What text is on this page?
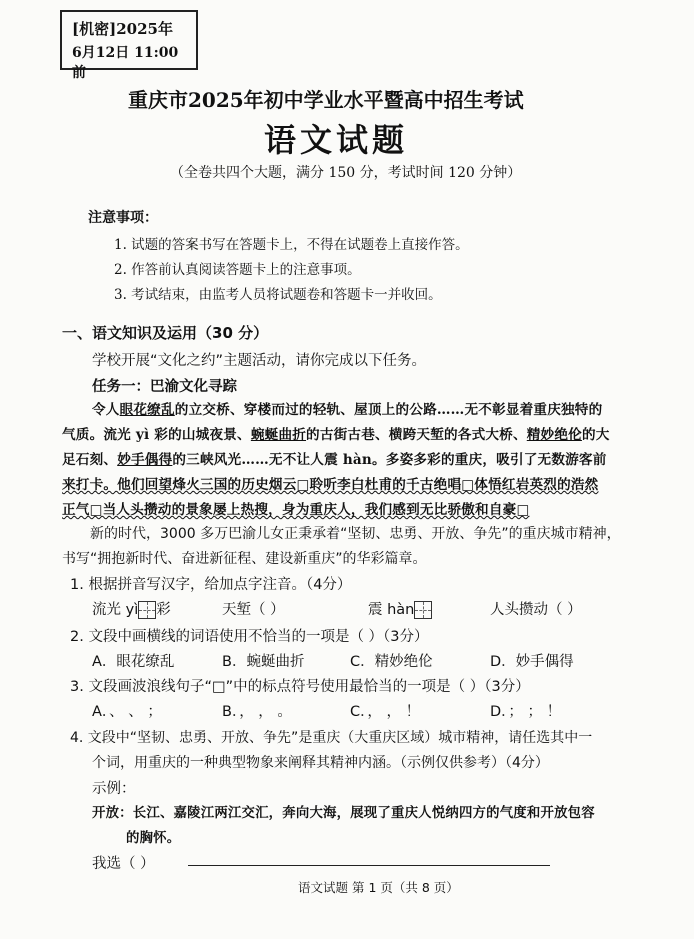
[机密]2025年
6月12日 11:00 前
重庆市2025年初中学业水平暨高中招生考试
语文试题
（全卷共四个大题，满分 150 分，考试时间 120 分钟）
注意事项：
1. 试题的答案书写在答题卡上，不得在试题卷上直接作答。
2. 作答前认真阅读答题卡上的注意事项。
3. 考试结束，由监考人员将试题卷和答题卡一并收回。
一、语文知识及运用（30 分）
学校开展“文化之约”主题活动，请你完成以下任务。
任务一：巴渝文化寻踪
令人眼花缭乱的立交桥、穿楼而过的轻轨、屋顶上的公路……无不彰显着重庆独特的
气质。流光 yì 彩的山城夜景、蜿蜒曲折的古街古巷、横跨天堑的各式大桥、精妙绝伦的大
足石刻、妙手偶得的三峡风光……无不让人震 hàn。多姿多彩的重庆，吸引了无数游客前
来打卡。他们回望烽火三国的历史烟云□聆听李白杜甫的千古绝唱□体悟红岩英烈的浩然
正气□当人头攒动的景象屡上热搜，身为重庆人，我们感到无比骄傲和自豪□
新的时代，3000 多万巴渝儿女正秉承着“坚韧、忠勇、开放、争先”的重庆城市精神，
书写“拥抱新时代、奋进新征程、建设新重庆”的华彩篇章。
1. 根据拼音写汉字，给加点字注音。（4分）
流光 yì 彩	天堑（ ）	震 hàn	人头攒动（ ）
2. 文段中画横线的词语使用不恰当的一项是（ ）（3分）
A．眼花缭乱	B．蜿蜒曲折	C．精妙绝伦	D．妙手偶得
3. 文段画波浪线句子“□”中的标点符号使用最恰当的一项是（ ）（3分）
A．、 、 ；	B．， ， 。	C．， ， ！	D．； ； ！
4. 文段中“坚韧、忠勇、开放、争先”是重庆（大重庆区域）城市精神，请任选其中一
个词，用重庆的一种典型物象来阐释其精神内涵。（示例仅供参考）（4分）
示例：
开放：长江、嘉陵江两江交汇，奔向大海，展现了重庆人悦纳四方的气度和开放包容
的胸怀。
我选（ ）
语文试题 第 1 页（共 8 页）
